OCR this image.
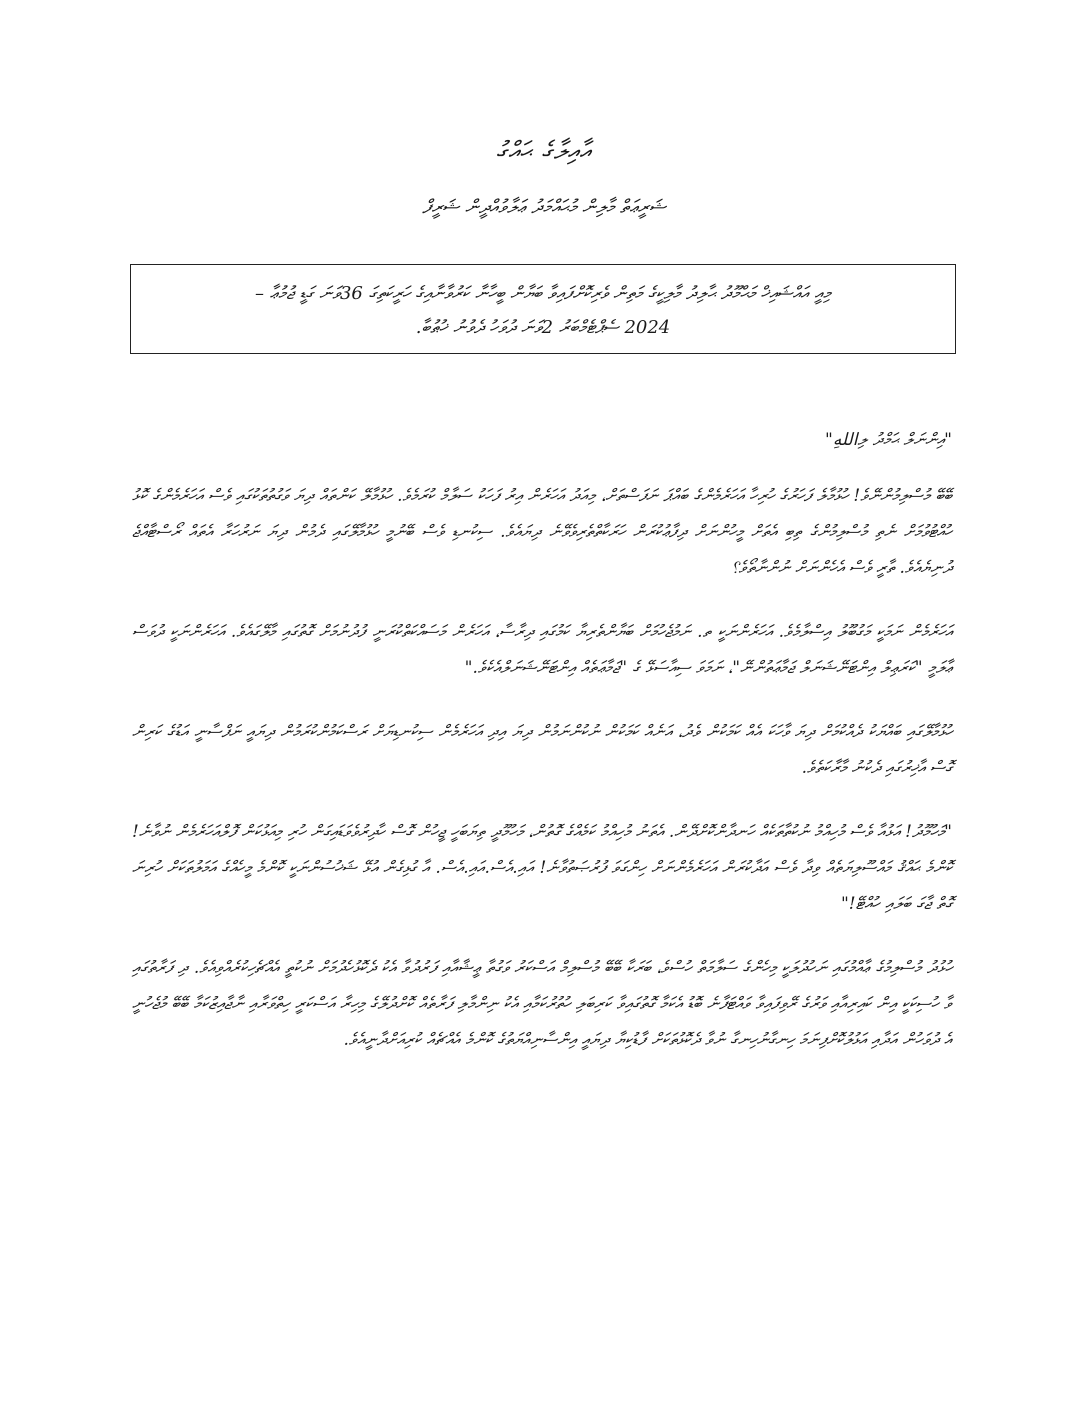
އާއިލާގެ ޙައްގު
ޝަރީޢަތް މާލިން މުޙައްމަދު ޢަލާވުއްދީން ޝަރީފް

މިއީ އައްޝައިޚް މަޙްމޫދު ޙާލިދު މާލިކީގެ މަތިން ވެރިކޮށްފައިވާ ބަޔާން ބީހާނާ ކަރުވާނާއިގެ ހަރީކަތިގަ 36ވަނަ ގަޑީ ޖުމުޢާ –

2024 ސެޕްޓެމްބަރު 2ވަނަ ދުވަހު ދެވުނު ޚުޠުބާ.

"އިންނަލް ޙަމްދު ލިاللهِ"

ބޭބޭ މުސްލިމުންނޭވެ! ހުޅުމާލެ ފަހަރުގެ ހުރިހާ އަހަރެމެންގެ ބައްޕަ ނަފަސްތަށް، މިއަދު އަހަރެން އިރު ފަހަކު ސަލާމް ކުރަމެވެ. ހުޅުމާލޭ ކަންތައް ދިޔަ ވަގުތުތަކުގައި ވެސް އަހަރެމެންގެ ކޮޅު ހުއްޓުވުމަށް ނެތި މުސްލިމުންގެ ތިބި އެތަށް މީހުންނަށް ދިފާޢުކުރަން ހަރަކާތްތެރިވެވޭނެ ދިޔައެވެ. ސިކުނޑި ވެސް ބޭނުމީ ހުޅުމާލޭގައި ދެމުން ދިޔަ ނަރުހަރާ އެތައް ރޯސްޓާއްޖެ ދުނިޔެއެވެ. ތާރީ ވެސް އެހެންނަށް ނުންނާތޯވެ؟

އަހަރެމެން ނަމަކީ މަގުބޫލު އިސްލާމެވެ. އަހަރެންނަކީ ތ. ނަމުޖެހުމަށް ބަޔާންތެރިޔާ ކަމުގައި ދިރާސާ، އަހަރެން މަސައްކަތްކުރަނީ ފުދުނުމަށް ގޮތުގައި މާލޭގައެވެ. އަހަރެންނަކީ ދުވަސް ޢާލަމީ "ކަރަޢިލް އިންޓަނޭޝަނަލް ޖަމާޢަތުންނޭ"، ނަމަވަ ސިއާސަޅޭ ގެ "ޖަމާޢަތެއް އިންޓަނޭޝަނަލްއެކެވެ."

ހުޅުމާލޭގައި ބައްޔަކު ދެއްކުމަށް ދިޔަ ވާހަކަ އެއް ކަމަކުން ވެދު، އަނެއް ކަމަކުން ނުކުންނަމުން ދިޔަ އިދި އަހަރެމެން ސިކުނޑިޔަށް ރަސްކަމުންކުރަމުން ދިޔައީ ނަފްސާނީ އަޑުގެ ކަރިން ގޮސް އާޚިރުގައި ދެކުނު މާރާކަތެވެ.

"މަހުމޫދު! އަޅުއާ ވެސް މުހިއްމު ނުކުތާތަކެއް ހަނދާންކޮށްދޭން. އެތަނު މުހިއްމު ކަމެއްގެ ގޮތުން، މަހުމޫދީ ތިޔަބަހީ ޖީހުން ގޮސް ހާދިރުވެވަޑައިގަން ހުރި މިއަޅުކަން ފޮލްއަހަރެމެން ނުވާނެ! ކޮންމެ ޙައްޤު މައްސޫލިޔަތެއް ވިދާ ވެސް އަދާކުރަން އަހަރެމެންނަށް ހިންގަވަ ފުރުޞަތުވާނެ! އައި.އެސް.އައި.އެސް. އާ ގުޅިގެން އުޅޭ ޝަޚުސުންނަކީ ކޮންމެ މީހެއްގެ އަމަލުތަކަށް ހުރިނަ ގޮތް ޖާގަ ބަލައި ހުއްޓޭ!"

ހުޅުދު މުސްލިމުގެ ޢާއްމުގައި ނަހުދުލަކީ މިހެންގެ ސަލާމަތް ހުސްވެ، ބަރަކާ ބޭބޭ މުސްލިމް އަސްކަރު ވަގުތާ ޢީޝާއާއި ފަރުދުވާ އެކު ދެކޮޅުހެދުމަށް ނުކުތީ އެއްޗެހިކުރެއްވިއެވެ. ދި ފަރާތުގައި ވާ ހުސިކަކީ އިން ކައިރިއާއި ވަރުގެ ރޭވިފައިވާ ވައްޓަފާނެ ބޮޑު އެކަމާ ގޮތުގައިވާ ކަރިބަލި ހުތުރުކަމާއި އެކު ނިންމާލި ފަރާތެއް ކޮށްދުލޭގެ މިހިރާ އަސްކަރީ ހިތްވަރާއި ނާޖާއިޒުކަމާ ބޭބޭ މުޖެހުނީ އެ ދުވަހުން އަދާއި އަޅުލުކޮށްފިނަމަ ހިނގާނުހިނގާ ނުވާ ދެކޮޅުތަކަށް ފާޑުކިޔާ ދިޔައީ އިންސާނިއްޔަތުގެ ކޮންމެ އެއްޗެއް ކުރިއަށްދާނީއެވެ.
